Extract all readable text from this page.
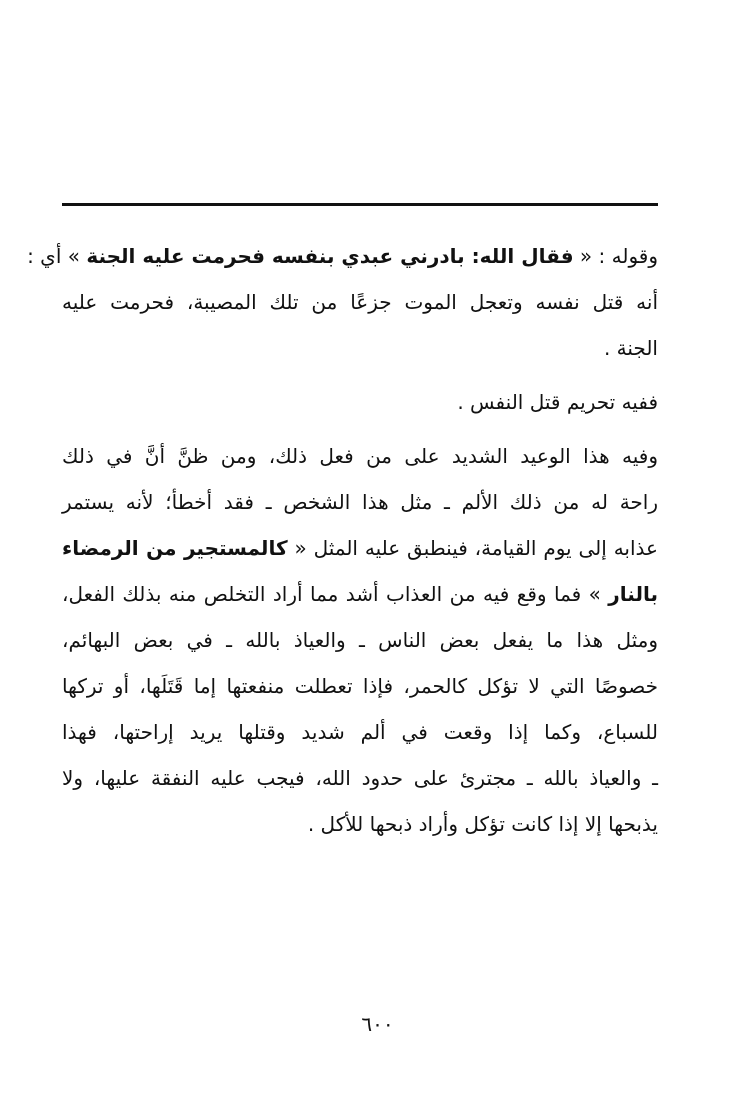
وقوله : « فقال الله: بادرني عبدي بنفسه فحرمت عليه الجنة » أي :
أنه قتل نفسه وتعجل الموت جزعًا من تلك المصيبة، فحرمت عليه
الجنة .
ففيه تحريم قتل النفس .
وفيه هذا الوعيد الشديد على من فعل ذلك، ومن ظنَّ أنَّ في ذلك
راحة له من ذلك الألم ـ مثل هذا الشخص ـ فقد أخطأ؛ لأنه يستمر
عذابه إلى يوم القيامة، فينطبق عليه المثل « كالمستجير من الرمضاء
بالنار » فما وقع فيه من العذاب أشد مما أراد التخلص منه بذلك الفعل،
ومثل هذا ما يفعل بعض الناس ـ والعياذ بالله ـ في بعض البهائم،
خصوصًا التي لا تؤكل كالحمر، فإذا تعطلت منفعتها إما قَتَلَها، أو تركها
للسباع، وكما إذا وقعت في ألم شديد وقتلها يريد إراحتها، فهذا
ـ والعياذ بالله ـ مجترئ على حدود الله، فيجب عليه النفقة عليها، ولا
يذبحها إلا إذا كانت تؤكل وأراد ذبحها للأكل .
٦٠٠
